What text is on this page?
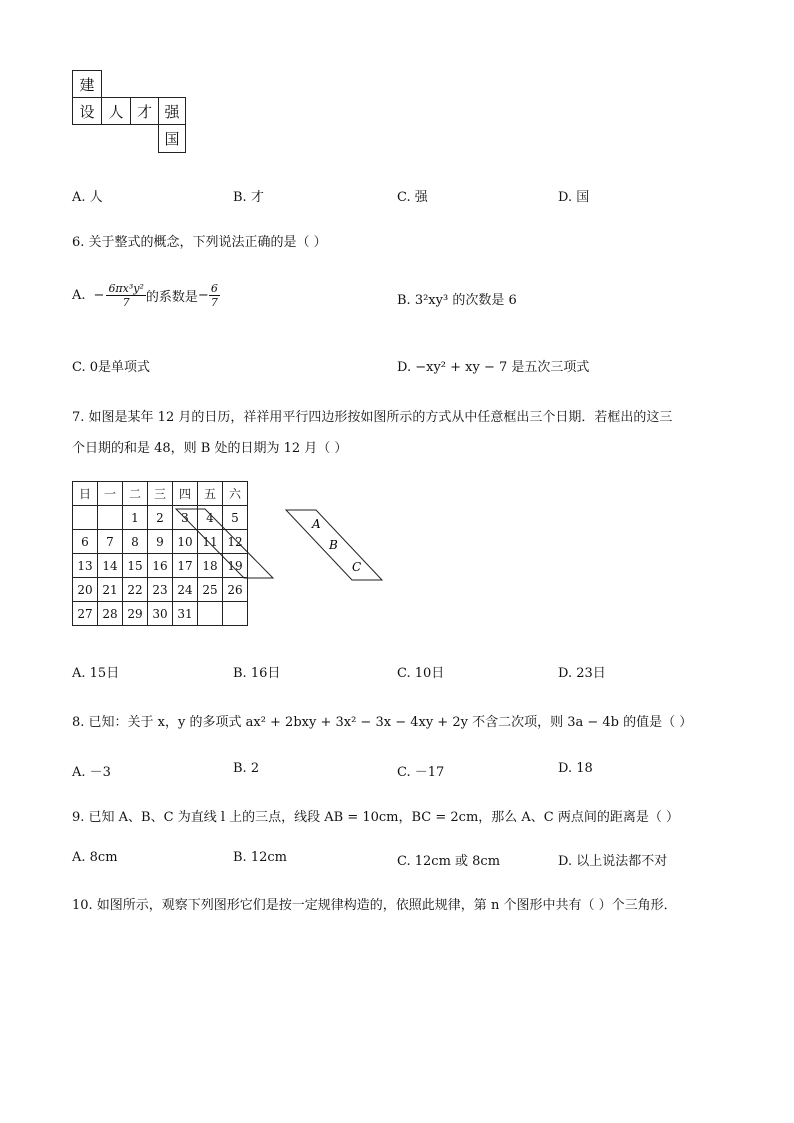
建
设 人 才 强
国
A. 人	B. 才	C. 强	D. 国
6. 关于整式的概念，下列说法正确的是（ ）
A. − $\frac{\text{6πx³y²}}{7}$ 的系数是 − $\frac{6}{7}$	B. 3²xy³ 的次数是 6
C. 0是单项式	D. −xy² + xy − 7 是五次三项式
7. 如图是某年 12 月的日历，祥祥用平行四边形按如图所示的方式从中任意框出三个日期．若框出的这三
个日期的和是 48，则 B 处的日期为 12 月（ ）
日	一	二	三	四	五	六
		1	2	3	4	5
6	7	8	9	10	11	12
13	14	15	16	17	18	19
20	21	22	23	24	25	26
27	28	29	30	31		
A
B
C
A. 15日	B. 16日	C. 10日	D. 23日
8. 已知：关于 x，y 的多项式 ax² + 2bxy + 3x² − 3x − 4xy + 2y 不含二次项，则 3a − 4b 的值是（ ）
A. －3	B. 2	C. －17	D. 18
9. 已知 A、B、C 为直线 l 上的三点，线段 AB = 10cm，BC = 2cm，那么 A、C 两点间的距离是（ ）
A. 8cm	B. 12cm	C. 12cm 或 8cm	D. 以上说法都不对
10. 如图所示，观察下列图形它们是按一定规律构造的，依照此规律，第 n 个图形中共有（ ）个三角形．
